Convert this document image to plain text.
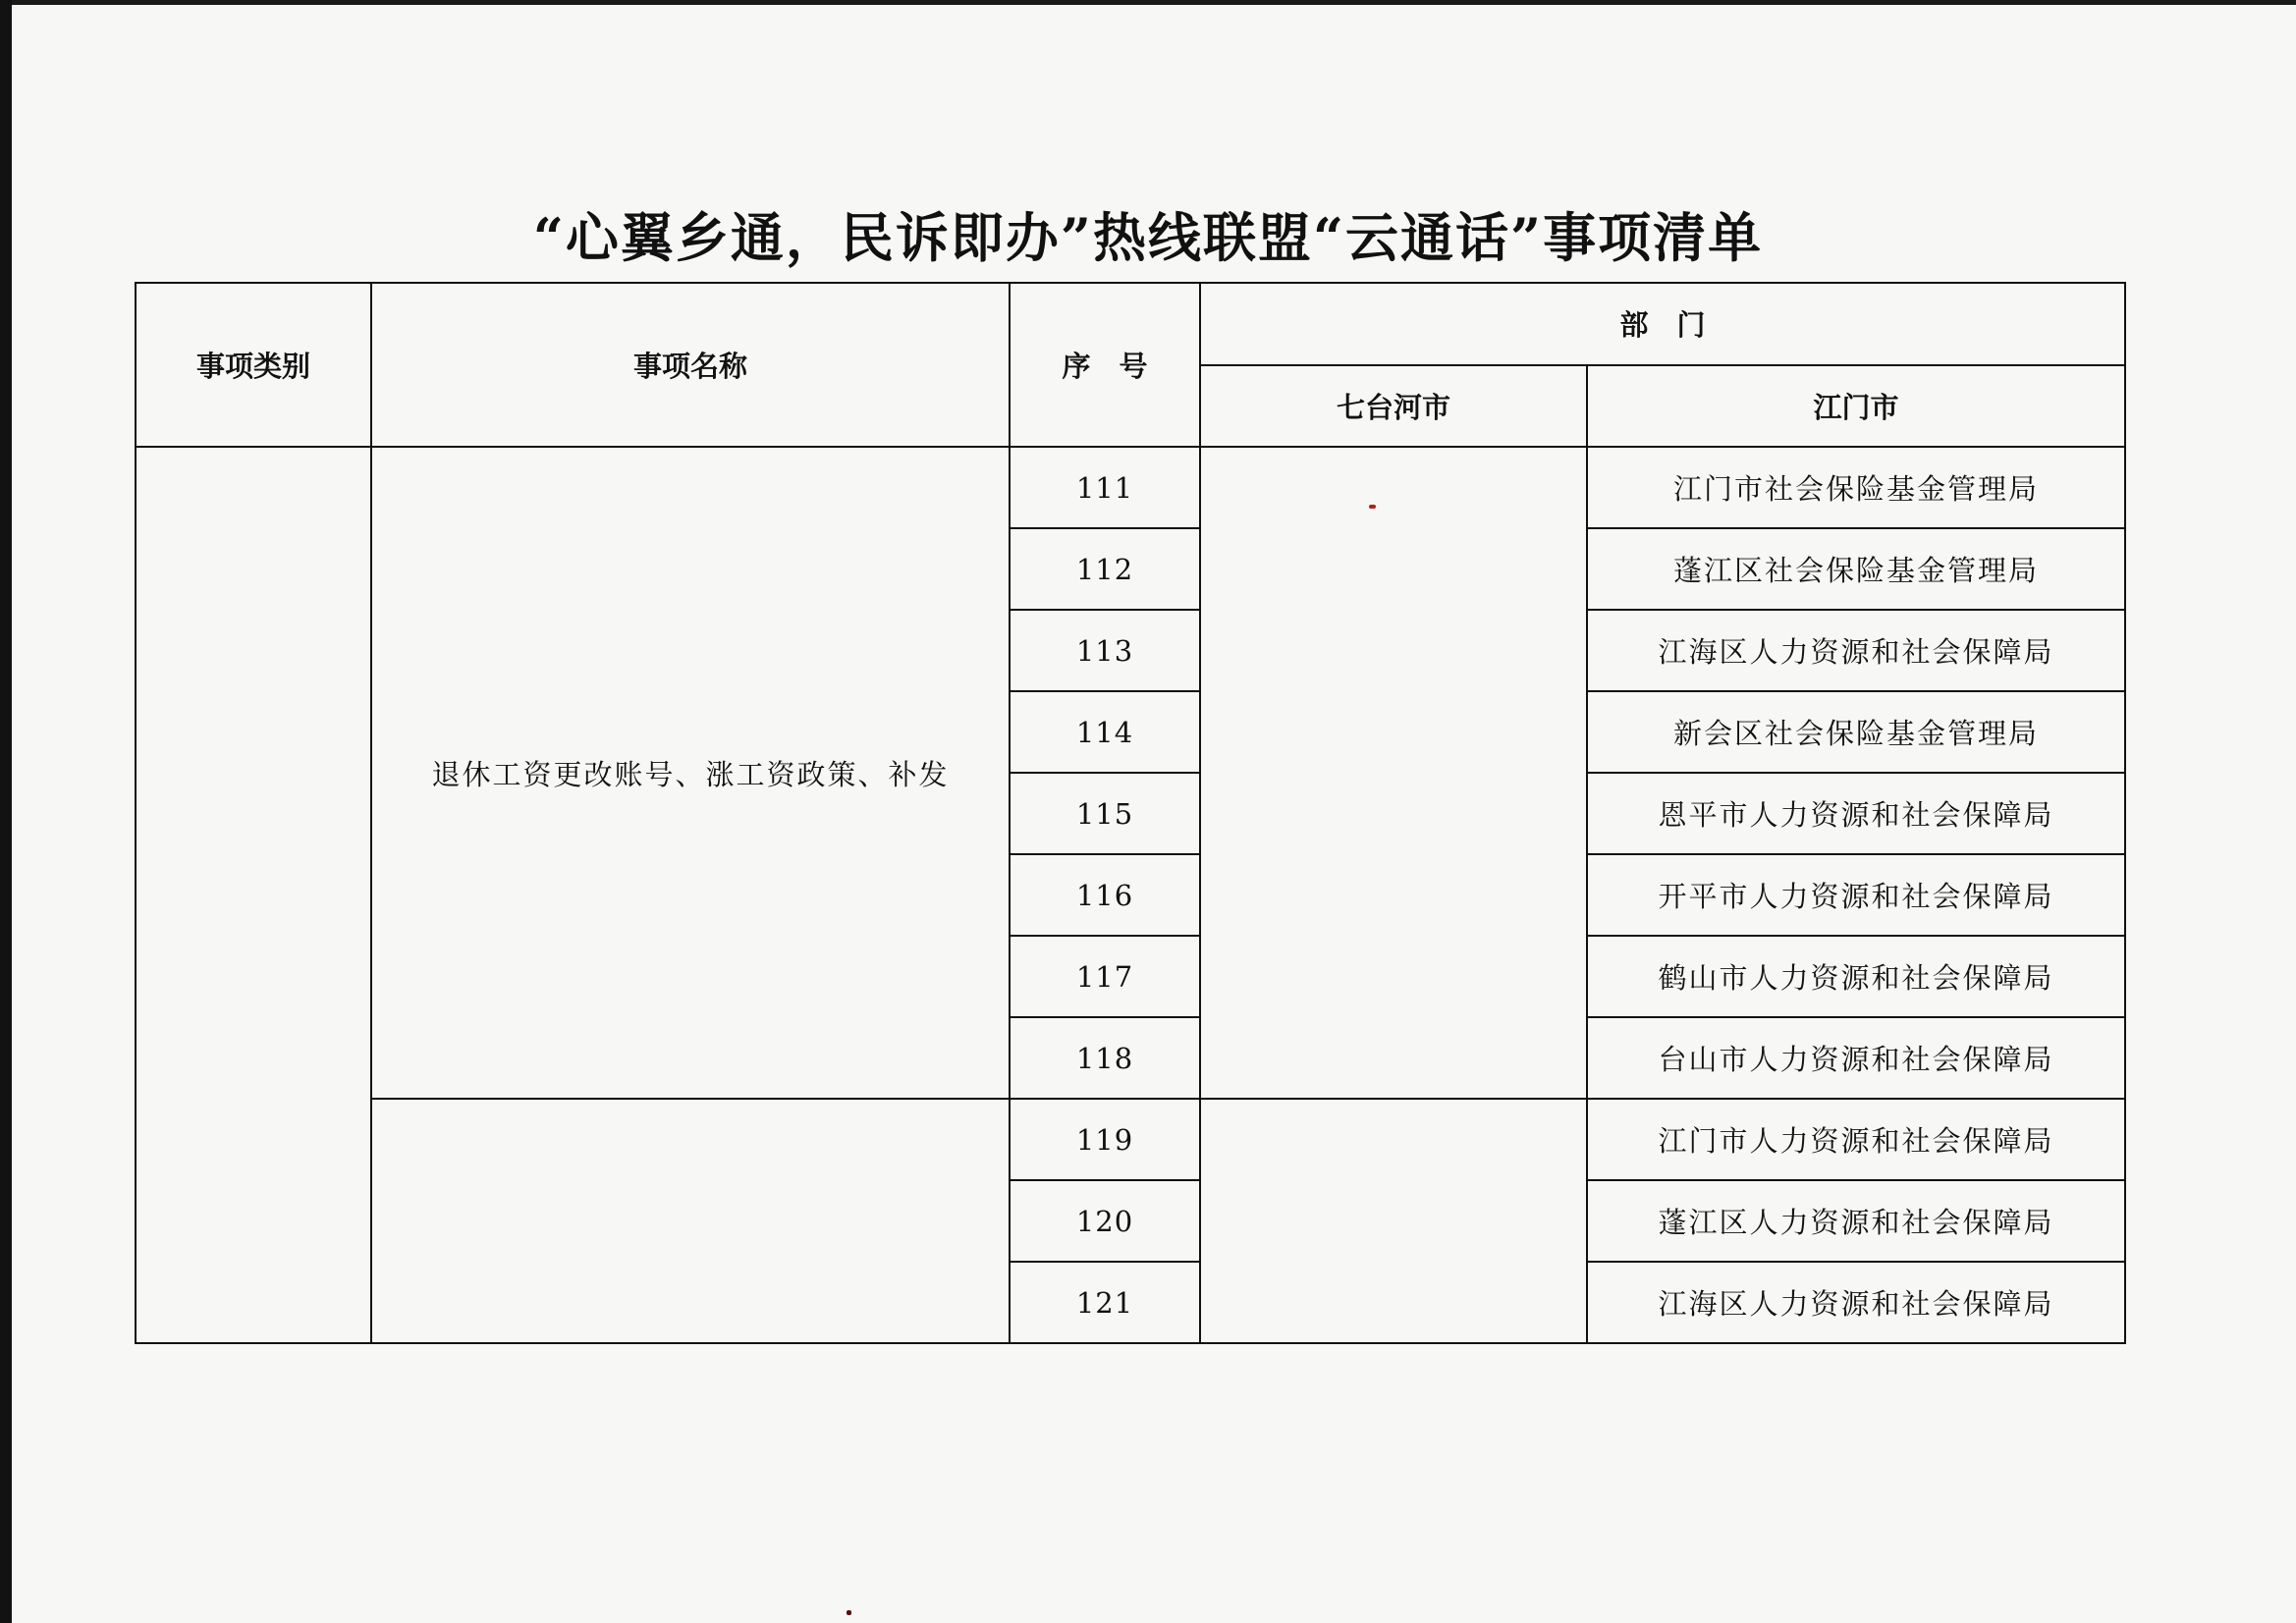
“心翼乡通，民诉即办”热线联盟“云通话”事项清单
事项类别	事项名称	序　号	部　门	
			七台河市	江门市
	退休工资更改账号、涨工资政策、补发	111		江门市社会保险基金管理局
		112		蓬江区社会保险基金管理局
		113		江海区人力资源和社会保障局
		114		新会区社会保险基金管理局
		115		恩平市人力资源和社会保障局
		116		开平市人力资源和社会保障局
		117		鹤山市人力资源和社会保障局
		118		台山市人力资源和社会保障局
		119		江门市人力资源和社会保障局
		120		蓬江区人力资源和社会保障局
		121		江海区人力资源和社会保障局
